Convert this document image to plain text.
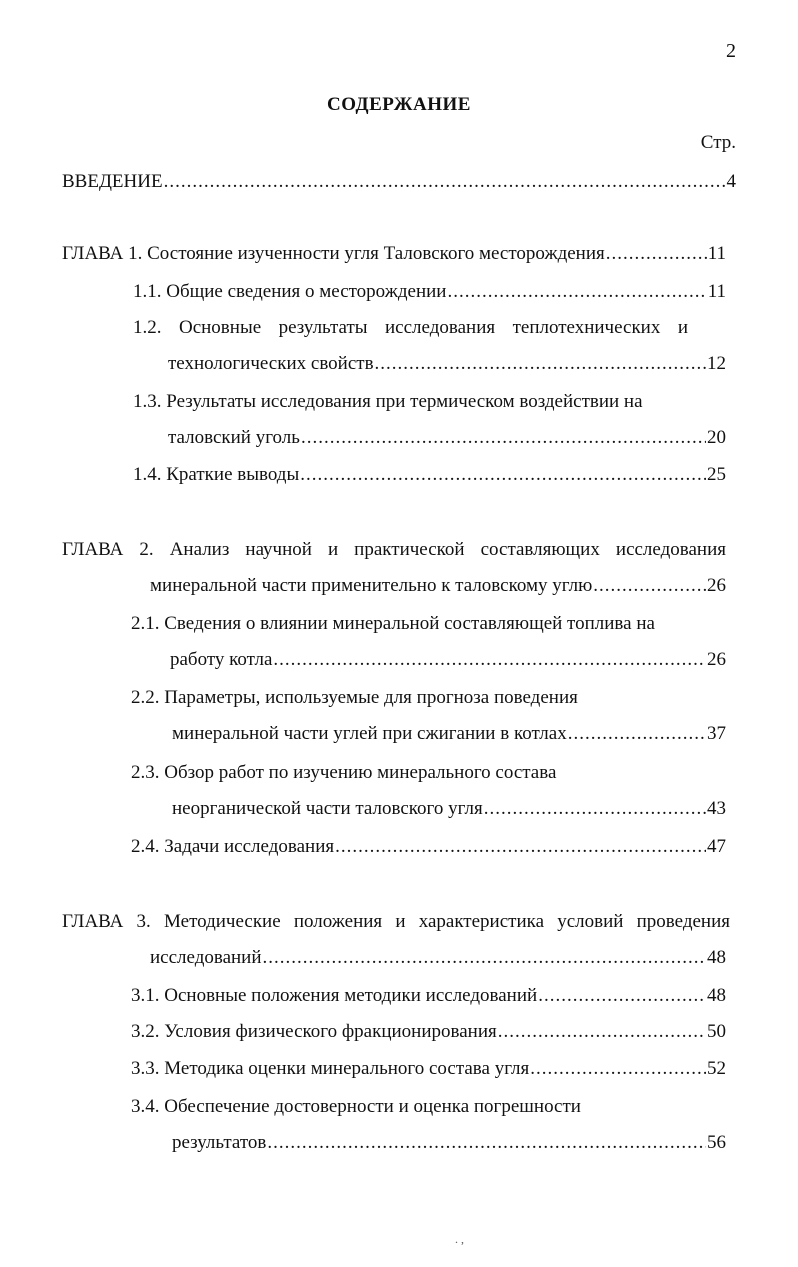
2
СОДЕРЖАНИЕ
Стр.
ВВЕДЕНИЕ .....	4
ГЛАВА 1. Состояние изученности угля Таловского месторождения .....	11
1.1. Общие сведения о месторождении .....	11
1.2. Основные результаты исследования теплотехнических и
технологических свойств .....	12
1.3. Результаты исследования при термическом воздействии на
таловский уголь .....	20
1.4. Краткие выводы .....	25
ГЛАВА 2. Анализ научной и практической составляющих исследования
минеральной части применительно к таловскому углю .....	26
2.1. Сведения о влиянии минеральной составляющей топлива на
работу котла .....	26
2.2. Параметры, используемые для прогноза поведения
минеральной части углей при сжигании в котлах .....	37
2.3. Обзор работ по изучению минерального состава
неорганической части таловского угля .....	43
2.4. Задачи исследования .....	47
ГЛАВА 3. Методические положения и характеристика условий проведения
исследований .....	48
3.1. Основные положения методики исследований .....	48
3.2. Условия физического фракционирования .....	50
3.3. Методика оценки минерального состава угля .....	52
3.4. Обеспечение достоверности и оценка погрешности
результатов .....	56
. ,
